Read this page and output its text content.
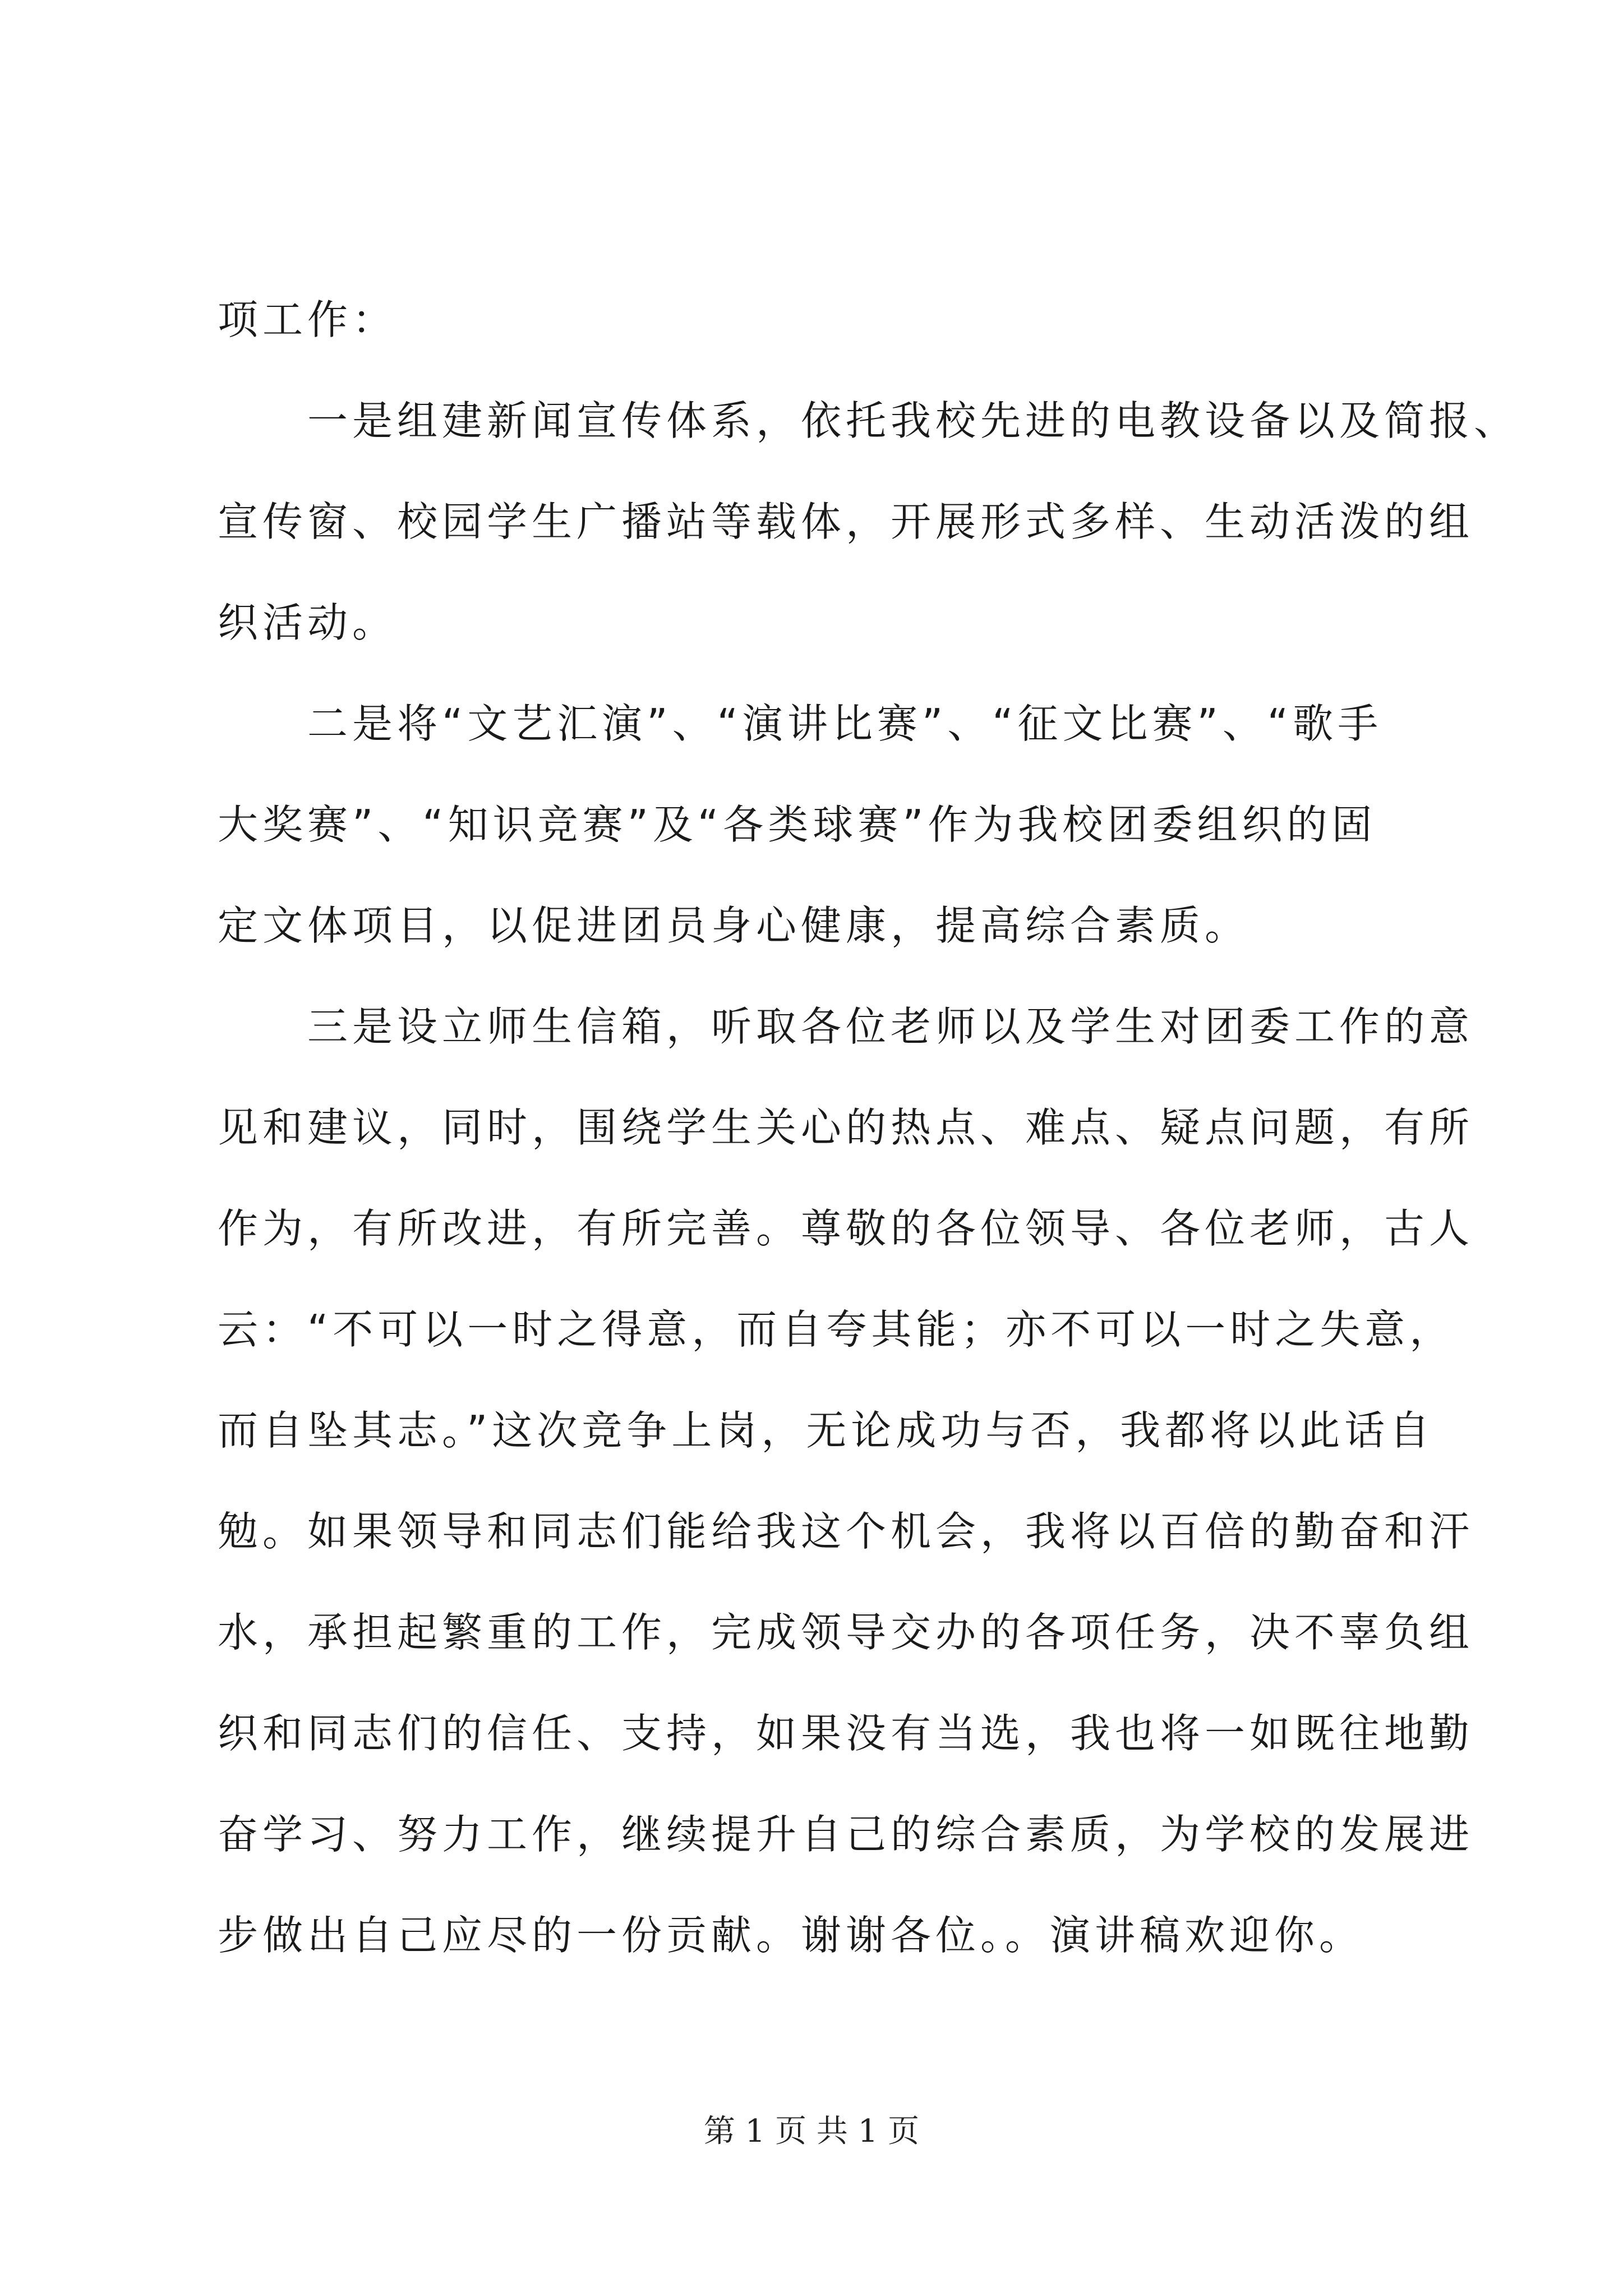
项工作：
　　一是组建新闻宣传体系，依托我校先进的电教设备以及简报、
宣传窗、校园学生广播站等载体，开展形式多样、生动活泼的组
织活动。
　　二是将“文艺汇演”、“演讲比赛”、“征文比赛”、“歌手
大奖赛”、“知识竞赛”及“各类球赛”作为我校团委组织的固
定文体项目，以促进团员身心健康，提高综合素质。
　　三是设立师生信箱，听取各位老师以及学生对团委工作的意
见和建议，同时，围绕学生关心的热点、难点、疑点问题，有所
作为，有所改进，有所完善。尊敬的各位领导、各位老师，古人
云：“不可以一时之得意，而自夸其能；亦不可以一时之失意，
而自坠其志。”这次竞争上岗，无论成功与否，我都将以此话自
勉。如果领导和同志们能给我这个机会，我将以百倍的勤奋和汗
水，承担起繁重的工作，完成领导交办的各项任务，决不辜负组
织和同志们的信任、支持，如果没有当选，我也将一如既往地勤
奋学习、努力工作，继续提升自己的综合素质，为学校的发展进
步做出自己应尽的一份贡献。谢谢各位。。演讲稿欢迎你。
第 1 页 共 1 页
